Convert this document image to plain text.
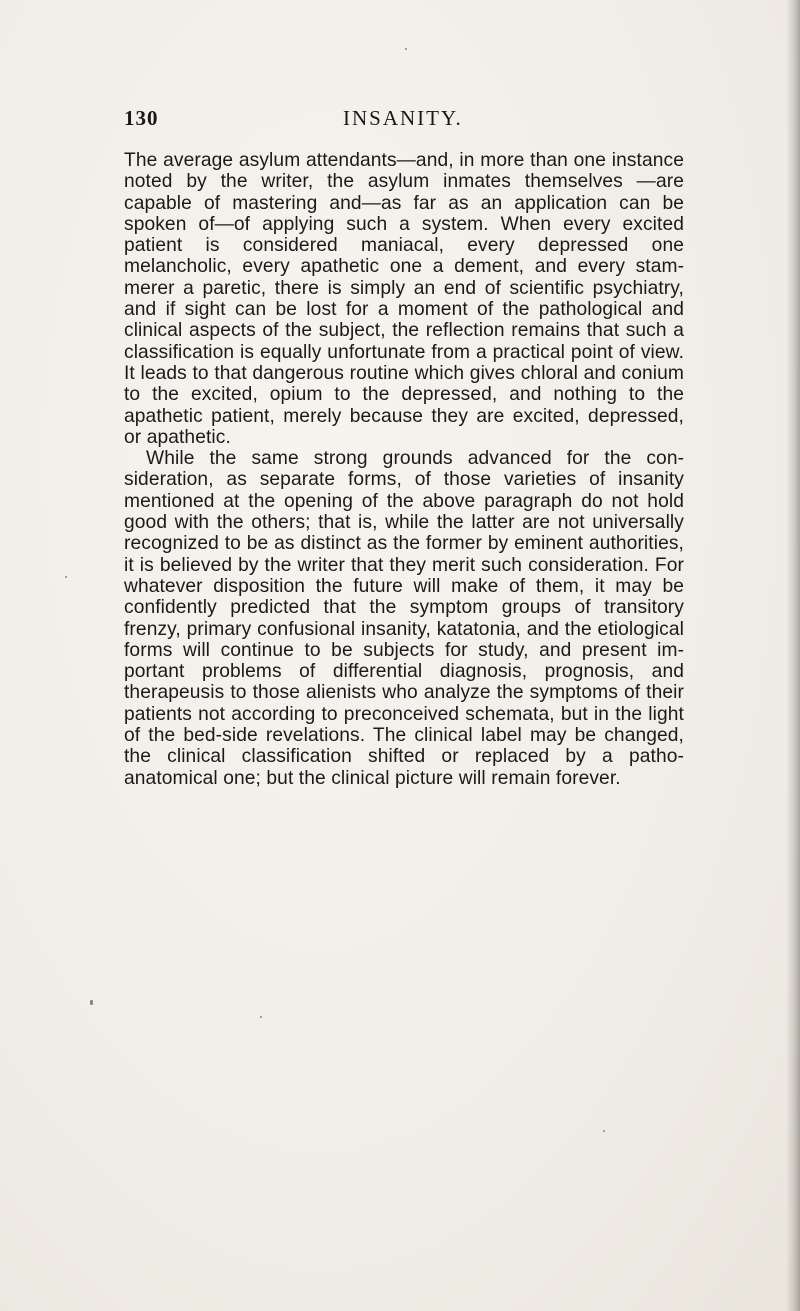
130	INSANITY.

The average asylum attendants—and, in more than one instance noted by the writer, the asylum inmates themselves —are capable of mastering and—as far as an application can be spoken of—of applying such a system. When every excited patient is considered maniacal, every depressed one melancholic, every apathetic one a dement, and every stammerer a paretic, there is simply an end of scientific psychiatry, and if sight can be lost for a moment of the pathological and clinical aspects of the subject, the reflection remains that such a classification is equally unfortunate from a practical point of view. It leads to that dangerous routine which gives chloral and conium to the excited, opium to the depressed, and nothing to the apathetic patient, merely because they are excited, depressed, or apathetic.

While the same strong grounds advanced for the consideration, as separate forms, of those varieties of insanity mentioned at the opening of the above paragraph do not hold good with the others; that is, while the latter are not universally recognized to be as distinct as the former by eminent authorities, it is believed by the writer that they merit such consideration. For whatever disposition the future will make of them, it may be confidently predicted that the symptom groups of transitory frenzy, primary confusional insanity, katatonia, and the etiological forms will continue to be subjects for study, and present important problems of differential diagnosis, prognosis, and therapeusis to those alienists who analyze the symptoms of their patients not according to preconceived schemata, but in the light of the bed-side revelations. The clinical label may be changed, the clinical classification shifted or replaced by a patho-anatomical one; but the clinical picture will remain forever.
